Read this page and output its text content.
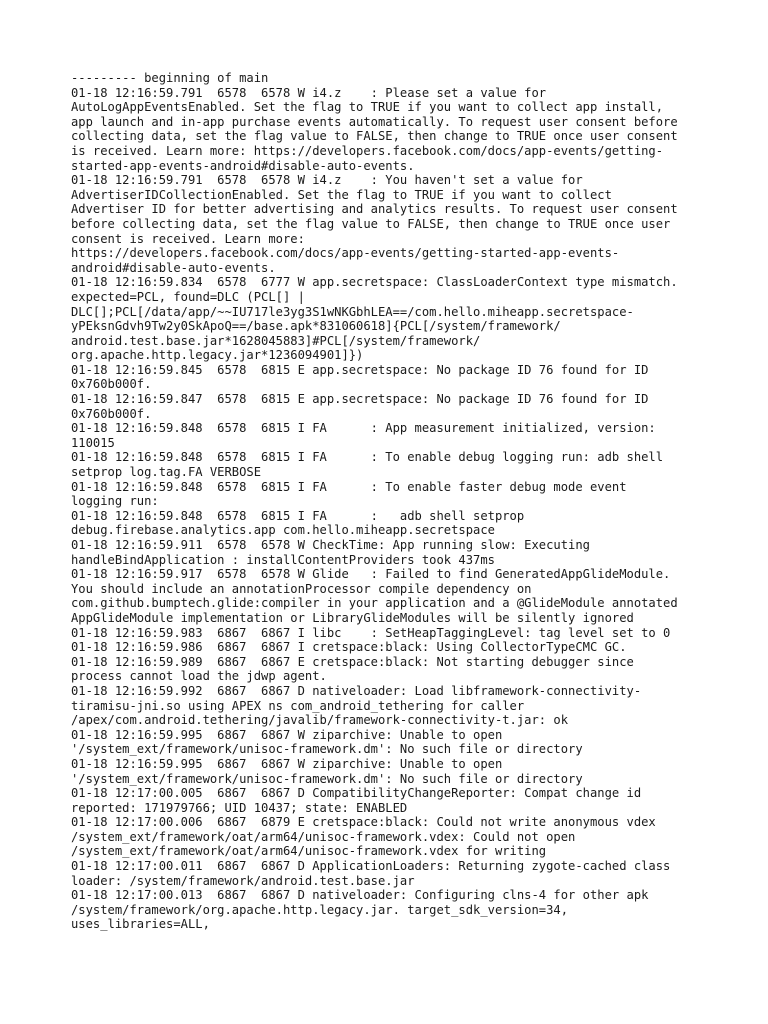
--------- beginning of main
01-18 12:16:59.791  6578  6578 W i4.z    : Please set a value for
AutoLogAppEventsEnabled. Set the flag to TRUE if you want to collect app install,
app launch and in-app purchase events automatically. To request user consent before
collecting data, set the flag value to FALSE, then change to TRUE once user consent
is received. Learn more: https://developers.facebook.com/docs/app-events/getting-
started-app-events-android#disable-auto-events.
01-18 12:16:59.791  6578  6578 W i4.z    : You haven't set a value for
AdvertiserIDCollectionEnabled. Set the flag to TRUE if you want to collect
Advertiser ID for better advertising and analytics results. To request user consent
before collecting data, set the flag value to FALSE, then change to TRUE once user
consent is received. Learn more:
https://developers.facebook.com/docs/app-events/getting-started-app-events-
android#disable-auto-events.
01-18 12:16:59.834  6578  6777 W app.secretspace: ClassLoaderContext type mismatch.
expected=PCL, found=DLC (PCL[] |
DLC[];PCL[/data/app/~~IU717le3yg3S1wNKGbhLEA==/com.hello.miheapp.secretspace-
yPEksnGdvh9Tw2y0SkApoQ==/base.apk*831060618]{PCL[/system/framework/
android.test.base.jar*1628045883]#PCL[/system/framework/
org.apache.http.legacy.jar*1236094901]})
01-18 12:16:59.845  6578  6815 E app.secretspace: No package ID 76 found for ID
0x760b000f.
01-18 12:16:59.847  6578  6815 E app.secretspace: No package ID 76 found for ID
0x760b000f.
01-18 12:16:59.848  6578  6815 I FA      : App measurement initialized, version:
110015
01-18 12:16:59.848  6578  6815 I FA      : To enable debug logging run: adb shell
setprop log.tag.FA VERBOSE
01-18 12:16:59.848  6578  6815 I FA      : To enable faster debug mode event
logging run:
01-18 12:16:59.848  6578  6815 I FA      :   adb shell setprop
debug.firebase.analytics.app com.hello.miheapp.secretspace
01-18 12:16:59.911  6578  6578 W CheckTime: App running slow: Executing
handleBindApplication : installContentProviders took 437ms
01-18 12:16:59.917  6578  6578 W Glide   : Failed to find GeneratedAppGlideModule.
You should include an annotationProcessor compile dependency on
com.github.bumptech.glide:compiler in your application and a @GlideModule annotated
AppGlideModule implementation or LibraryGlideModules will be silently ignored
01-18 12:16:59.983  6867  6867 I libc    : SetHeapTaggingLevel: tag level set to 0
01-18 12:16:59.986  6867  6867 I cretspace:black: Using CollectorTypeCMC GC.
01-18 12:16:59.989  6867  6867 E cretspace:black: Not starting debugger since
process cannot load the jdwp agent.
01-18 12:16:59.992  6867  6867 D nativeloader: Load libframework-connectivity-
tiramisu-jni.so using APEX ns com_android_tethering for caller
/apex/com.android.tethering/javalib/framework-connectivity-t.jar: ok
01-18 12:16:59.995  6867  6867 W ziparchive: Unable to open
'/system_ext/framework/unisoc-framework.dm': No such file or directory
01-18 12:16:59.995  6867  6867 W ziparchive: Unable to open
'/system_ext/framework/unisoc-framework.dm': No such file or directory
01-18 12:17:00.005  6867  6867 D CompatibilityChangeReporter: Compat change id
reported: 171979766; UID 10437; state: ENABLED
01-18 12:17:00.006  6867  6879 E cretspace:black: Could not write anonymous vdex
/system_ext/framework/oat/arm64/unisoc-framework.vdex: Could not open
/system_ext/framework/oat/arm64/unisoc-framework.vdex for writing
01-18 12:17:00.011  6867  6867 D ApplicationLoaders: Returning zygote-cached class
loader: /system/framework/android.test.base.jar
01-18 12:17:00.013  6867  6867 D nativeloader: Configuring clns-4 for other apk
/system/framework/org.apache.http.legacy.jar. target_sdk_version=34,
uses_libraries=ALL,
